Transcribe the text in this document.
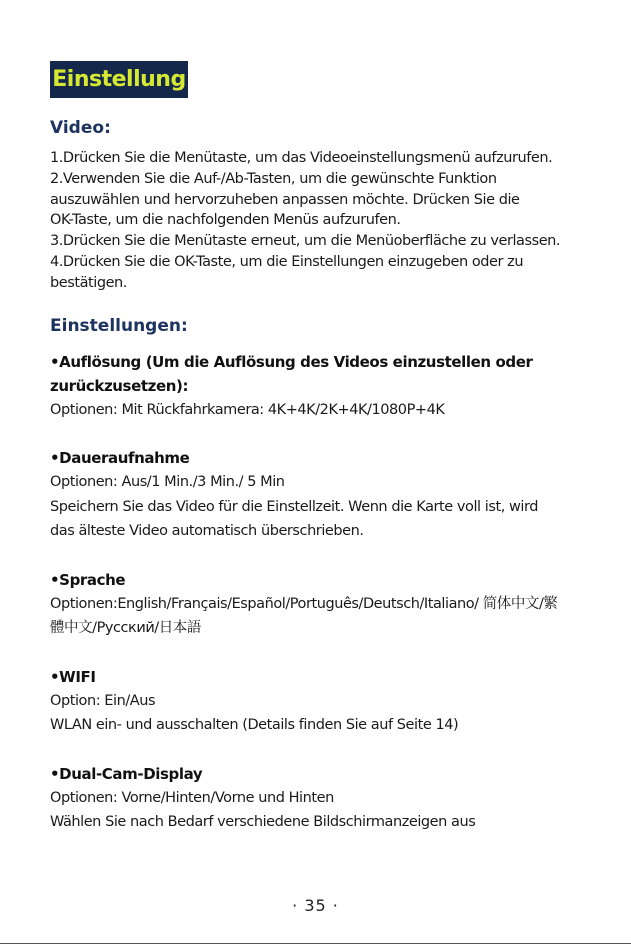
Einstellung
Video:
1.Drücken Sie die Menütaste, um das Videoeinstellungsmenü aufzurufen.
2.Verwenden Sie die Auf-/Ab-Tasten, um die gewünschte Funktion
auszuwählen und hervorzuheben anpassen möchte. Drücken Sie die
OK-Taste, um die nachfolgenden Menüs aufzurufen.
3.Drücken Sie die Menütaste erneut, um die Menüoberfläche zu verlassen.
4.Drücken Sie die OK-Taste, um die Einstellungen einzugeben oder zu
bestätigen.
Einstellungen:
•Auflösung (Um die Auflösung des Videos einzustellen oder
zurückzusetzen):
Optionen: Mit Rückfahrkamera: 4K+4K/2K+4K/1080P+4K
•Daueraufnahme
Optionen: Aus/1 Min./3 Min./ 5 Min
Speichern Sie das Video für die Einstellzeit. Wenn die Karte voll ist, wird
das älteste Video automatisch überschrieben.
•Sprache
Optionen:English/Français/Español/Português/Deutsch/Italiano/ 简体中文/繁
體中文/Русский/日本語
•WIFI
Option: Ein/Aus
WLAN ein- und ausschalten (Details finden Sie auf Seite 14)
•Dual-Cam-Display
Optionen: Vorne/Hinten/Vorne und Hinten
Wählen Sie nach Bedarf verschiedene Bildschirmanzeigen aus
· 35 ·
